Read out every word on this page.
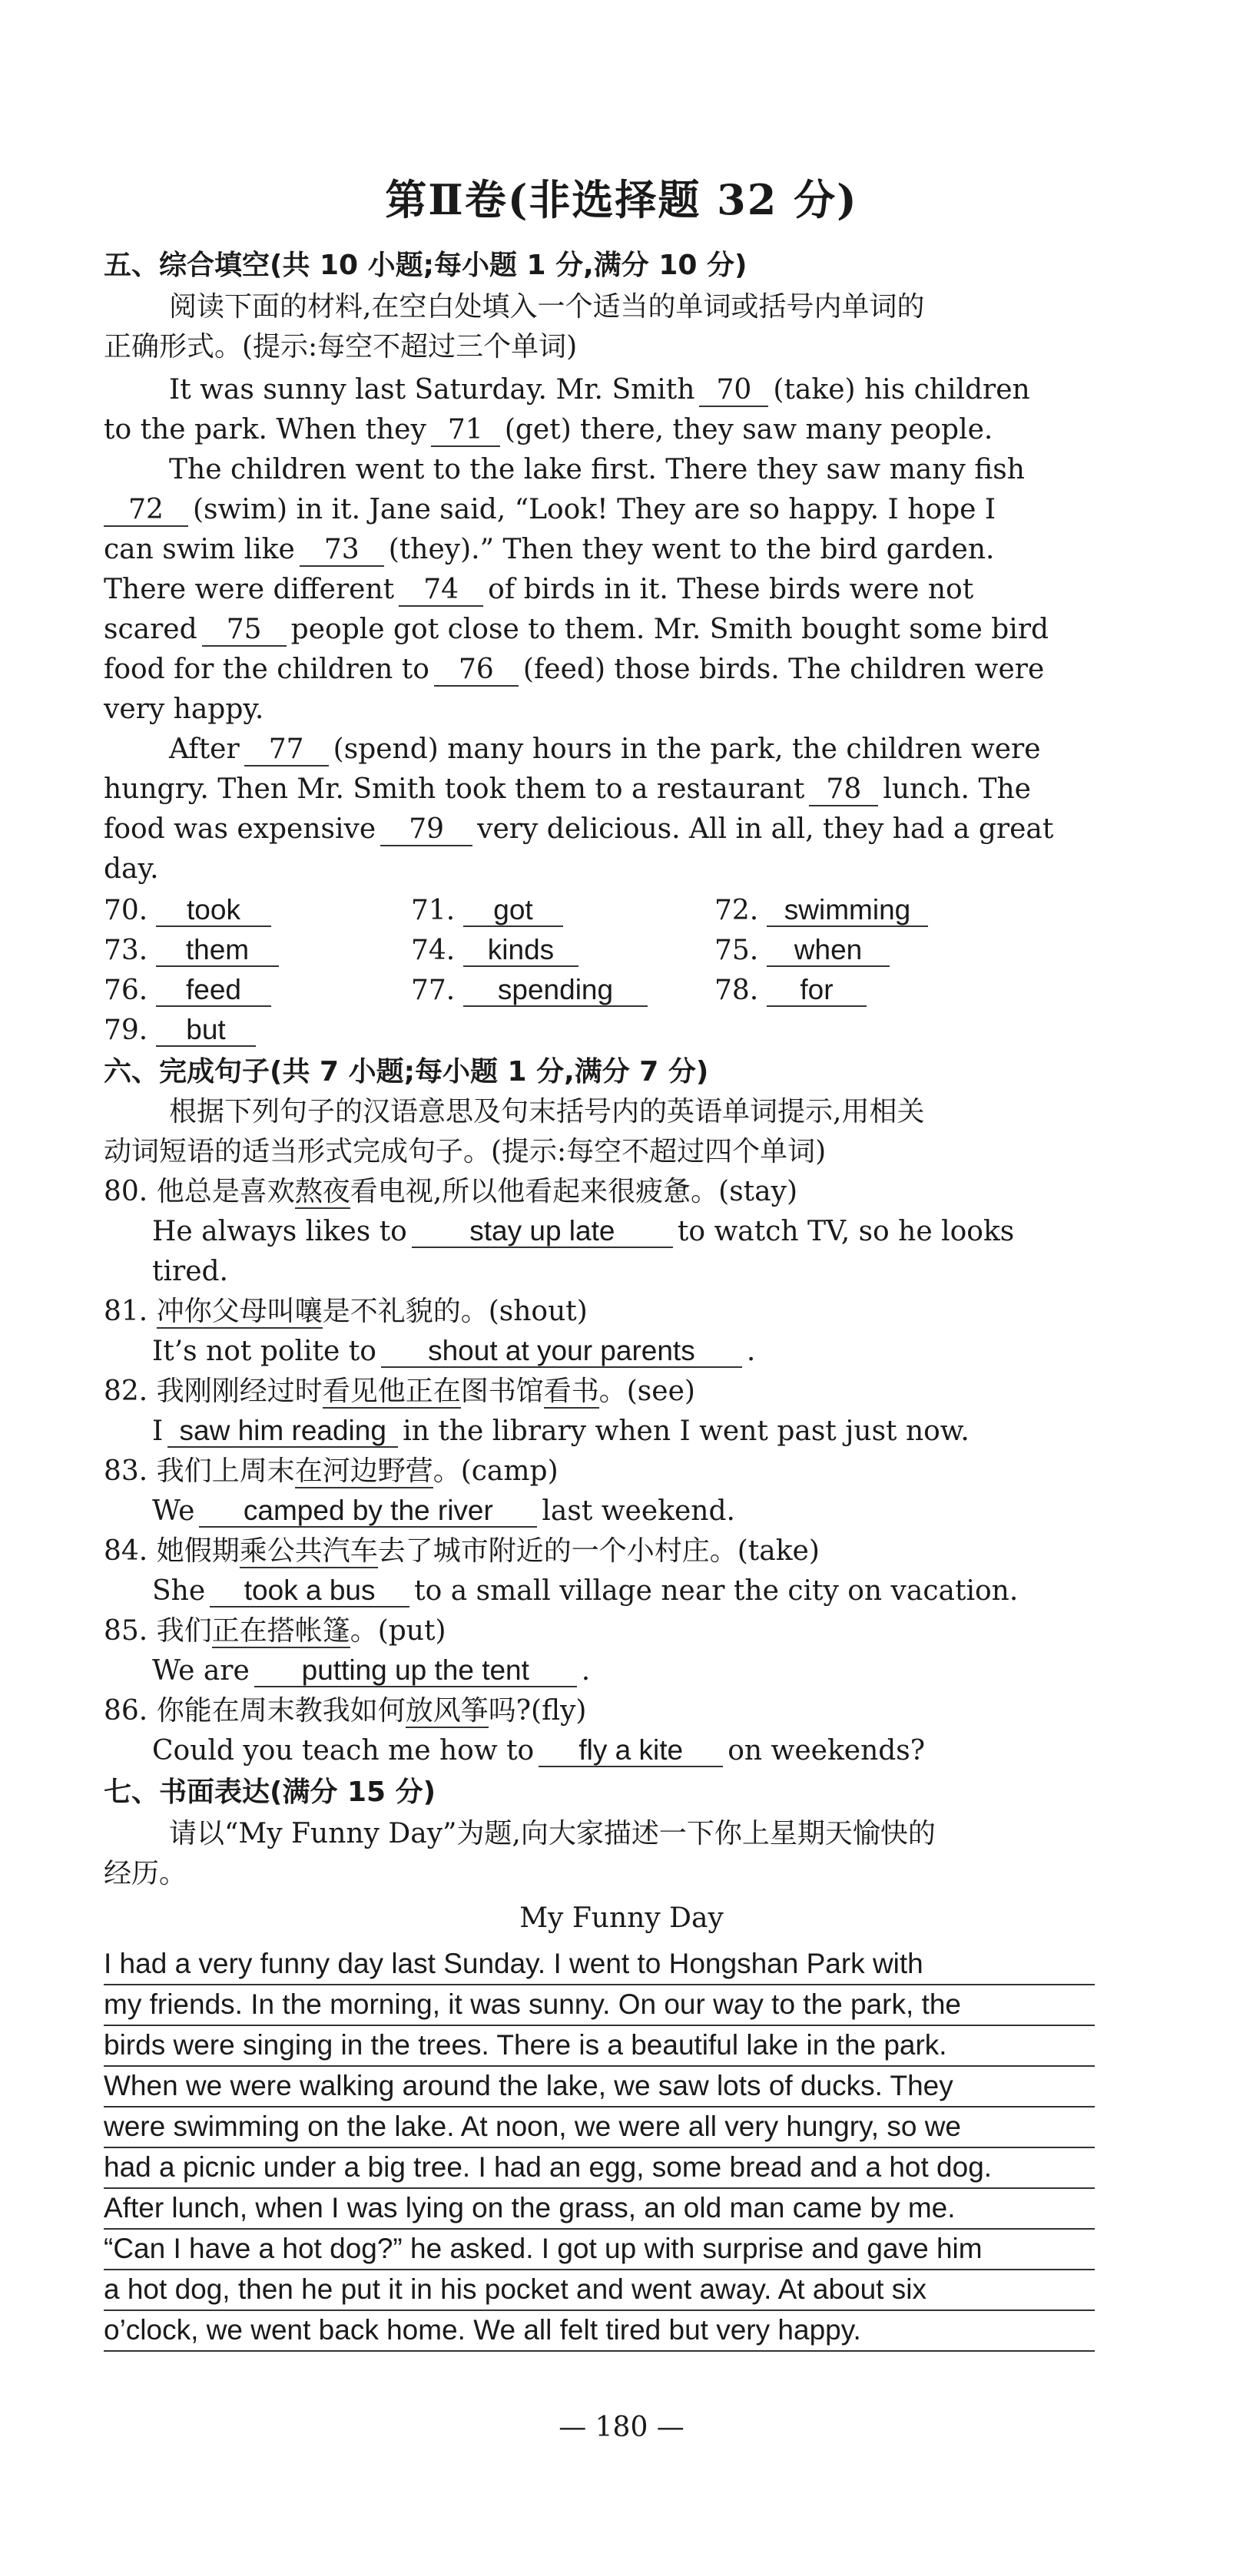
第Ⅱ卷(非选择题 32 分)
五、综合填空(共 10 小题;每小题 1 分,满分 10 分)
阅读下面的材料,在空白处填入一个适当的单词或括号内单词的
正确形式。(提示:每空不超过三个单词)
It was sunny last Saturday. Mr. Smith 70 (take) his children
to the park. When they 71 (get) there, they saw many people.
The children went to the lake first. There they saw many fish
72 (swim) in it. Jane said, “Look! They are so happy. I hope I
can swim like 73 (they).” Then they went to the bird garden.
There were different 74 of birds in it. These birds were not
scared 75 people got close to them. Mr. Smith bought some bird
food for the children to 76 (feed) those birds. The children were
very happy.
After 77 (spend) many hours in the park, the children were
hungry. Then Mr. Smith took them to a restaurant 78 lunch. The
food was expensive 79 very delicious. All in all, they had a great
day.
70. took	71. got	72. swimming
73. them	74. kinds	75. when
76. feed	77. spending	78. for
79. but
六、完成句子(共 7 小题;每小题 1 分,满分 7 分)
根据下列句子的汉语意思及句末括号内的英语单词提示,用相关
动词短语的适当形式完成句子。(提示:每空不超过四个单词)
80. 他总是喜欢熬夜看电视,所以他看起来很疲惫。(stay)
He always likes to stay up late to watch TV, so he looks
tired.
81. 冲你父母叫嚷是不礼貌的。(shout)
It’s not polite to shout at your parents .
82. 我刚刚经过时看见他正在图书馆看书。(see)
I saw him reading in the library when I went past just now.
83. 我们上周末在河边野营。(camp)
We camped by the river last weekend.
84. 她假期乘公共汽车去了城市附近的一个小村庄。(take)
She took a bus to a small village near the city on vacation.
85. 我们正在搭帐篷。(put)
We are putting up the tent .
86. 你能在周末教我如何放风筝吗?(fly)
Could you teach me how to fly a kite on weekends?
七、书面表达(满分 15 分)
请以“My Funny Day”为题,向大家描述一下你上星期天愉快的
经历。
My Funny Day
I had a very funny day last Sunday. I went to Hongshan Park with
my friends. In the morning, it was sunny. On our way to the park, the
birds were singing in the trees. There is a beautiful lake in the park.
When we were walking around the lake, we saw lots of ducks. They
were swimming on the lake. At noon, we were all very hungry, so we
had a picnic under a big tree. I had an egg, some bread and a hot dog.
After lunch, when I was lying on the grass, an old man came by me.
“Can I have a hot dog?” he asked. I got up with surprise and gave him
a hot dog, then he put it in his pocket and went away. At about six
o’clock, we went back home. We all felt tired but very happy.
— 180 —
